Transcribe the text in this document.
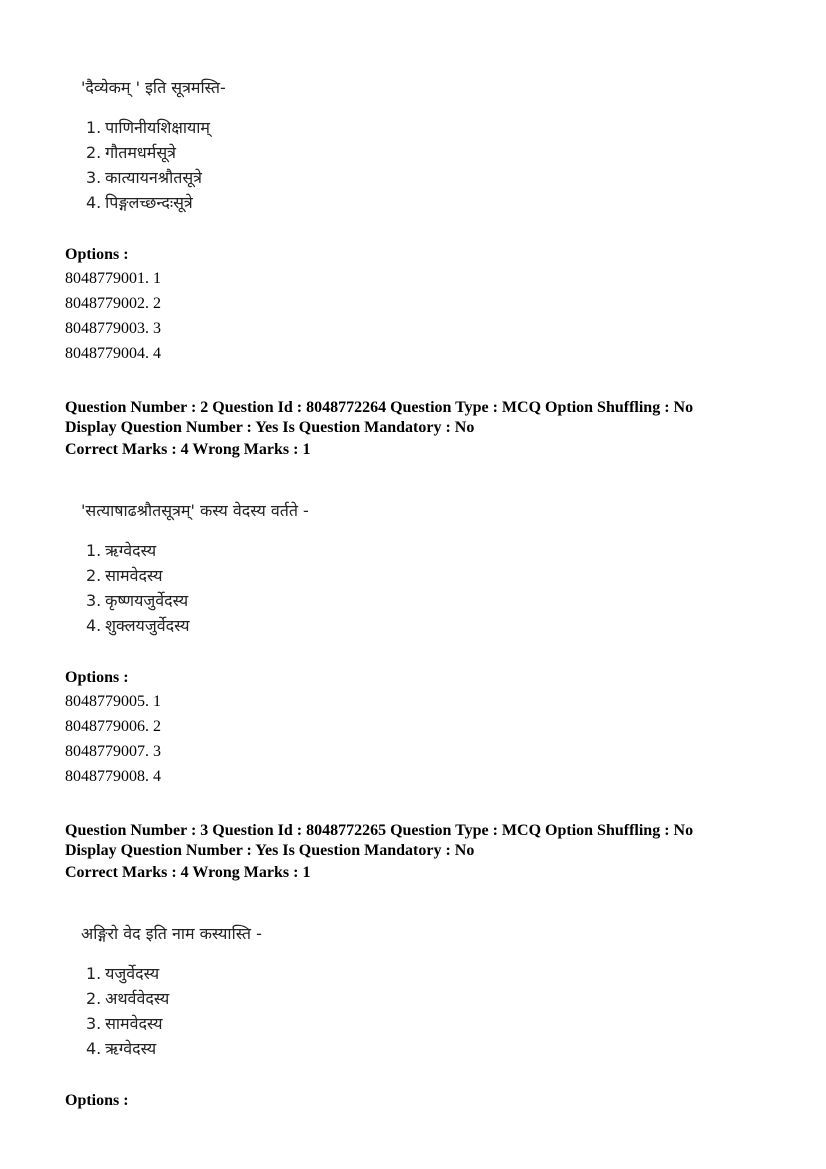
'दैव्येकम् ' इति सूत्रमस्ति-
1. पाणिनीयशिक्षायाम्
2. गौतमधर्मसूत्रे
3. कात्यायनश्रौतसूत्रे
4. पिङ्गलच्छन्दःसूत्रे
Options :
8048779001. 1
8048779002. 2
8048779003. 3
8048779004. 4
Question Number : 2 Question Id : 8048772264 Question Type : MCQ Option Shuffling : No
Display Question Number : Yes Is Question Mandatory : No
Correct Marks : 4 Wrong Marks : 1
'सत्याषाढश्रौतसूत्रम्' कस्य वेदस्य वर्तते -
1. ऋग्वेदस्य
2. सामवेदस्य
3. कृष्णयजुर्वेदस्य
4. शुक्लयजुर्वेदस्य
Options :
8048779005. 1
8048779006. 2
8048779007. 3
8048779008. 4
Question Number : 3 Question Id : 8048772265 Question Type : MCQ Option Shuffling : No
Display Question Number : Yes Is Question Mandatory : No
Correct Marks : 4 Wrong Marks : 1
अङ्गिरो वेद इति नाम कस्यास्ति -
1. यजुर्वेदस्य
2. अथर्ववेदस्य
3. सामवेदस्य
4. ऋग्वेदस्य
Options :
